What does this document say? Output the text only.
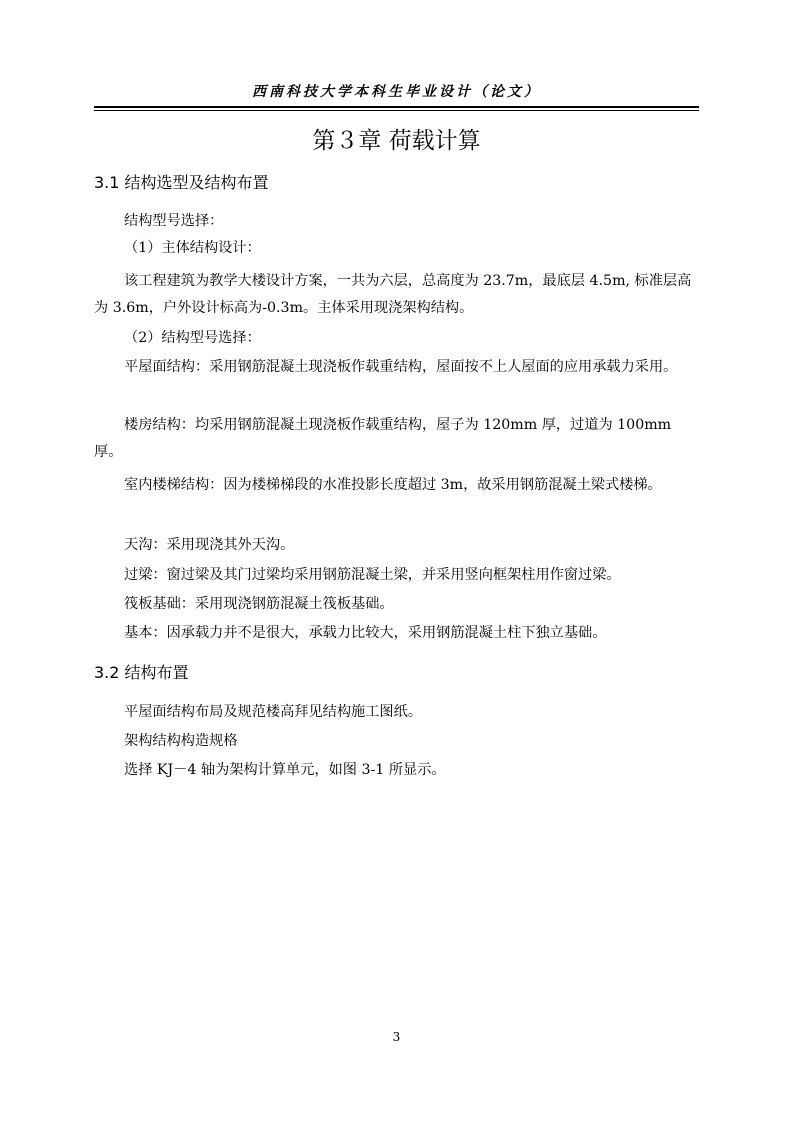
西南科技大学本科生毕业设计（论文）
第３章 荷载计算
3.1 结构选型及结构布置
结构型号选择：
（1）主体结构设计：
该工程建筑为教学大楼设计方案，一共为六层，总高度为 23.7m，最底层 4.5m, 标准层高为 3.6m，户外设计标高为-0.3m。主体采用现浇架构结构。
（2）结构型号选择：
平屋面结构：采用钢筋混凝土现浇板作载重结构，屋面按不上人屋面的应用承载力采用。
楼房结构：均采用钢筋混凝土现浇板作载重结构，屋子为 120mm 厚，过道为 100mm 厚。
室内楼梯结构：因为楼梯梯段的水准投影长度超过 3m，故采用钢筋混凝土梁式楼梯。
天沟：采用现浇其外天沟。
过梁：窗过梁及其门过梁均采用钢筋混凝土梁，并采用竖向框架柱用作窗过梁。
筏板基础：采用现浇钢筋混凝土筏板基础。
基本：因承载力并不是很大，承载力比较大，采用钢筋混凝土柱下独立基础。
3.2 结构布置
平屋面结构布局及规范楼高拜见结构施工图纸。
架构结构构造规格
选择 KJ－4 轴为架构计算单元，如图 3-1 所显示。
3
